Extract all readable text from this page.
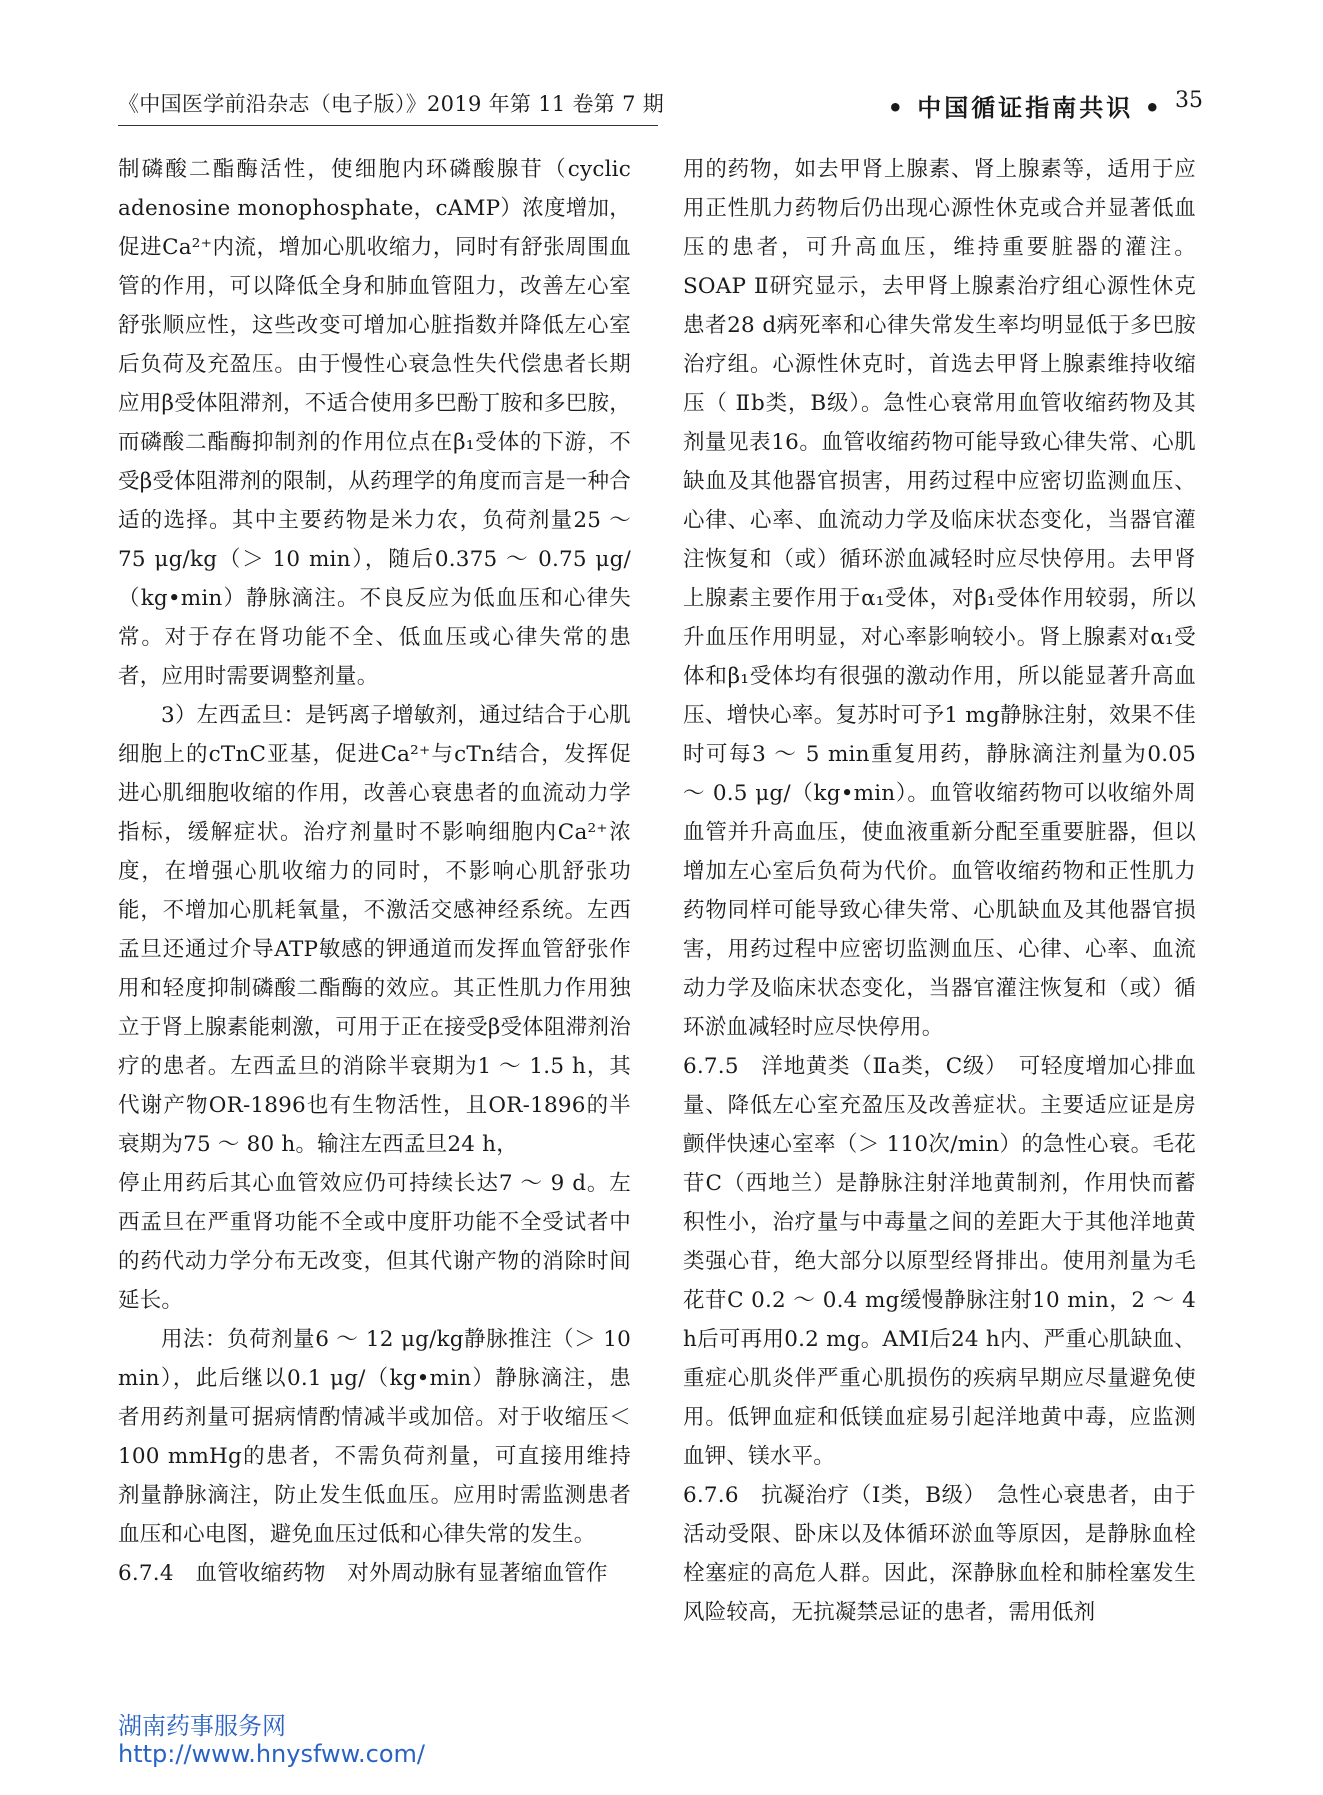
《中国医学前沿杂志（电子版）》2019 年第 11 卷第 7 期	• 中国循证指南共识 • 35

制磷酸二酯酶活性，使细胞内环磷酸腺苷（cyclic adenosine monophosphate，cAMP）浓度增加，促进Ca²⁺内流，增加心肌收缩力，同时有舒张周围血管的作用，可以降低全身和肺血管阻力，改善左心室舒张顺应性，这些改变可增加心脏指数并降低左心室后负荷及充盈压。由于慢性心衰急性失代偿患者长期应用β受体阻滞剂，不适合使用多巴酚丁胺和多巴胺，而磷酸二酯酶抑制剂的作用位点在β₁受体的下游，不受β受体阻滞剂的限制，从药理学的角度而言是一种合适的选择。其中主要药物是米力农，负荷剂量25 ～ 75 μg/kg（＞ 10 min），随后0.375 ～ 0.75 μg/（kg•min）静脉滴注。不良反应为低血压和心律失常。对于存在肾功能不全、低血压或心律失常的患者，应用时需要调整剂量。

3）左西孟旦：是钙离子增敏剂，通过结合于心肌细胞上的cTnC亚基，促进Ca²⁺与cTn结合，发挥促进心肌细胞收缩的作用，改善心衰患者的血流动力学指标，缓解症状。治疗剂量时不影响细胞内Ca²⁺浓度，在增强心肌收缩力的同时，不影响心肌舒张功能，不增加心肌耗氧量，不激活交感神经系统。左西孟旦还通过介导ATP敏感的钾通道而发挥血管舒张作用和轻度抑制磷酸二酯酶的效应。其正性肌力作用独立于肾上腺素能刺激，可用于正在接受β受体阻滞剂治疗的患者。左西孟旦的消除半衰期为1 ～ 1.5 h，其代谢产物OR-1896也有生物活性，且OR-1896的半衰期为75 ～ 80 h。输注左西孟旦24 h，

停止用药后其心血管效应仍可持续长达7 ～ 9 d。左西孟旦在严重肾功能不全或中度肝功能不全受试者中的药代动力学分布无改变，但其代谢产物的消除时间延长。

用法：负荷剂量6 ～ 12 μg/kg静脉推注（＞ 10 min），此后继以0.1 μg/（kg•min）静脉滴注，患者用药剂量可据病情酌情减半或加倍。对于收缩压＜ 100 mmHg的患者，不需负荷剂量，可直接用维持剂量静脉滴注，防止发生低血压。应用时需监测患者血压和心电图，避免血压过低和心律失常的发生。

6.7.4　血管收缩药物　对外周动脉有显著缩血管作

用的药物，如去甲肾上腺素、肾上腺素等，适用于应用正性肌力药物后仍出现心源性休克或合并显著低血压的患者，可升高血压，维持重要脏器的灌注。SOAP Ⅱ研究显示，去甲肾上腺素治疗组心源性休克患者28 d病死率和心律失常发生率均明显低于多巴胺治疗组。心源性休克时，首选去甲肾上腺素维持收缩压（ Ⅱb类，B级）。急性心衰常用血管收缩药物及其剂量见表16。血管收缩药物可能导致心律失常、心肌缺血及其他器官损害，用药过程中应密切监测血压、心律、心率、血流动力学及临床状态变化，当器官灌注恢复和（或）循环淤血减轻时应尽快停用。去甲肾上腺素主要作用于α₁受体，对β₁受体作用较弱，所以升血压作用明显，对心率影响较小。肾上腺素对α₁受体和β₁受体均有很强的激动作用，所以能显著升高血压、增快心率。复苏时可予1 mg静脉注射，效果不佳时可每3 ～ 5 min重复用药，静脉滴注剂量为0.05 ～ 0.5 μg/（kg•min）。血管收缩药物可以收缩外周血管并升高血压，使血液重新分配至重要脏器，但以增加左心室后负荷为代价。血管收缩药物和正性肌力药物同样可能导致心律失常、心肌缺血及其他器官损害，用药过程中应密切监测血压、心律、心率、血流动力学及临床状态变化，当器官灌注恢复和（或）循环淤血减轻时应尽快停用。

6.7.5　洋地黄类（Ⅱa类，C级）　可轻度增加心排血量、降低左心室充盈压及改善症状。主要适应证是房颤伴快速心室率（＞ 110次/min）的急性心衰。毛花苷C（西地兰）是静脉注射洋地黄制剂，作用快而蓄积性小，治疗量与中毒量之间的差距大于其他洋地黄类强心苷，绝大部分以原型经肾排出。使用剂量为毛花苷C 0.2 ～ 0.4 mg缓慢静脉注射10 min，2 ～ 4 h后可再用0.2 mg。AMI后24 h内、严重心肌缺血、重症心肌炎伴严重心肌损伤的疾病早期应尽量避免使用。低钾血症和低镁血症易引起洋地黄中毒，应监测血钾、镁水平。

6.7.6　抗凝治疗（Ⅰ类，B级）　急性心衰患者，由于活动受限、卧床以及体循环淤血等原因，是静脉血栓栓塞症的高危人群。因此，深静脉血栓和肺栓塞发生风险较高，无抗凝禁忌证的患者，需用低剂

湖南药事服务网
http://www.hnysfww.com/
